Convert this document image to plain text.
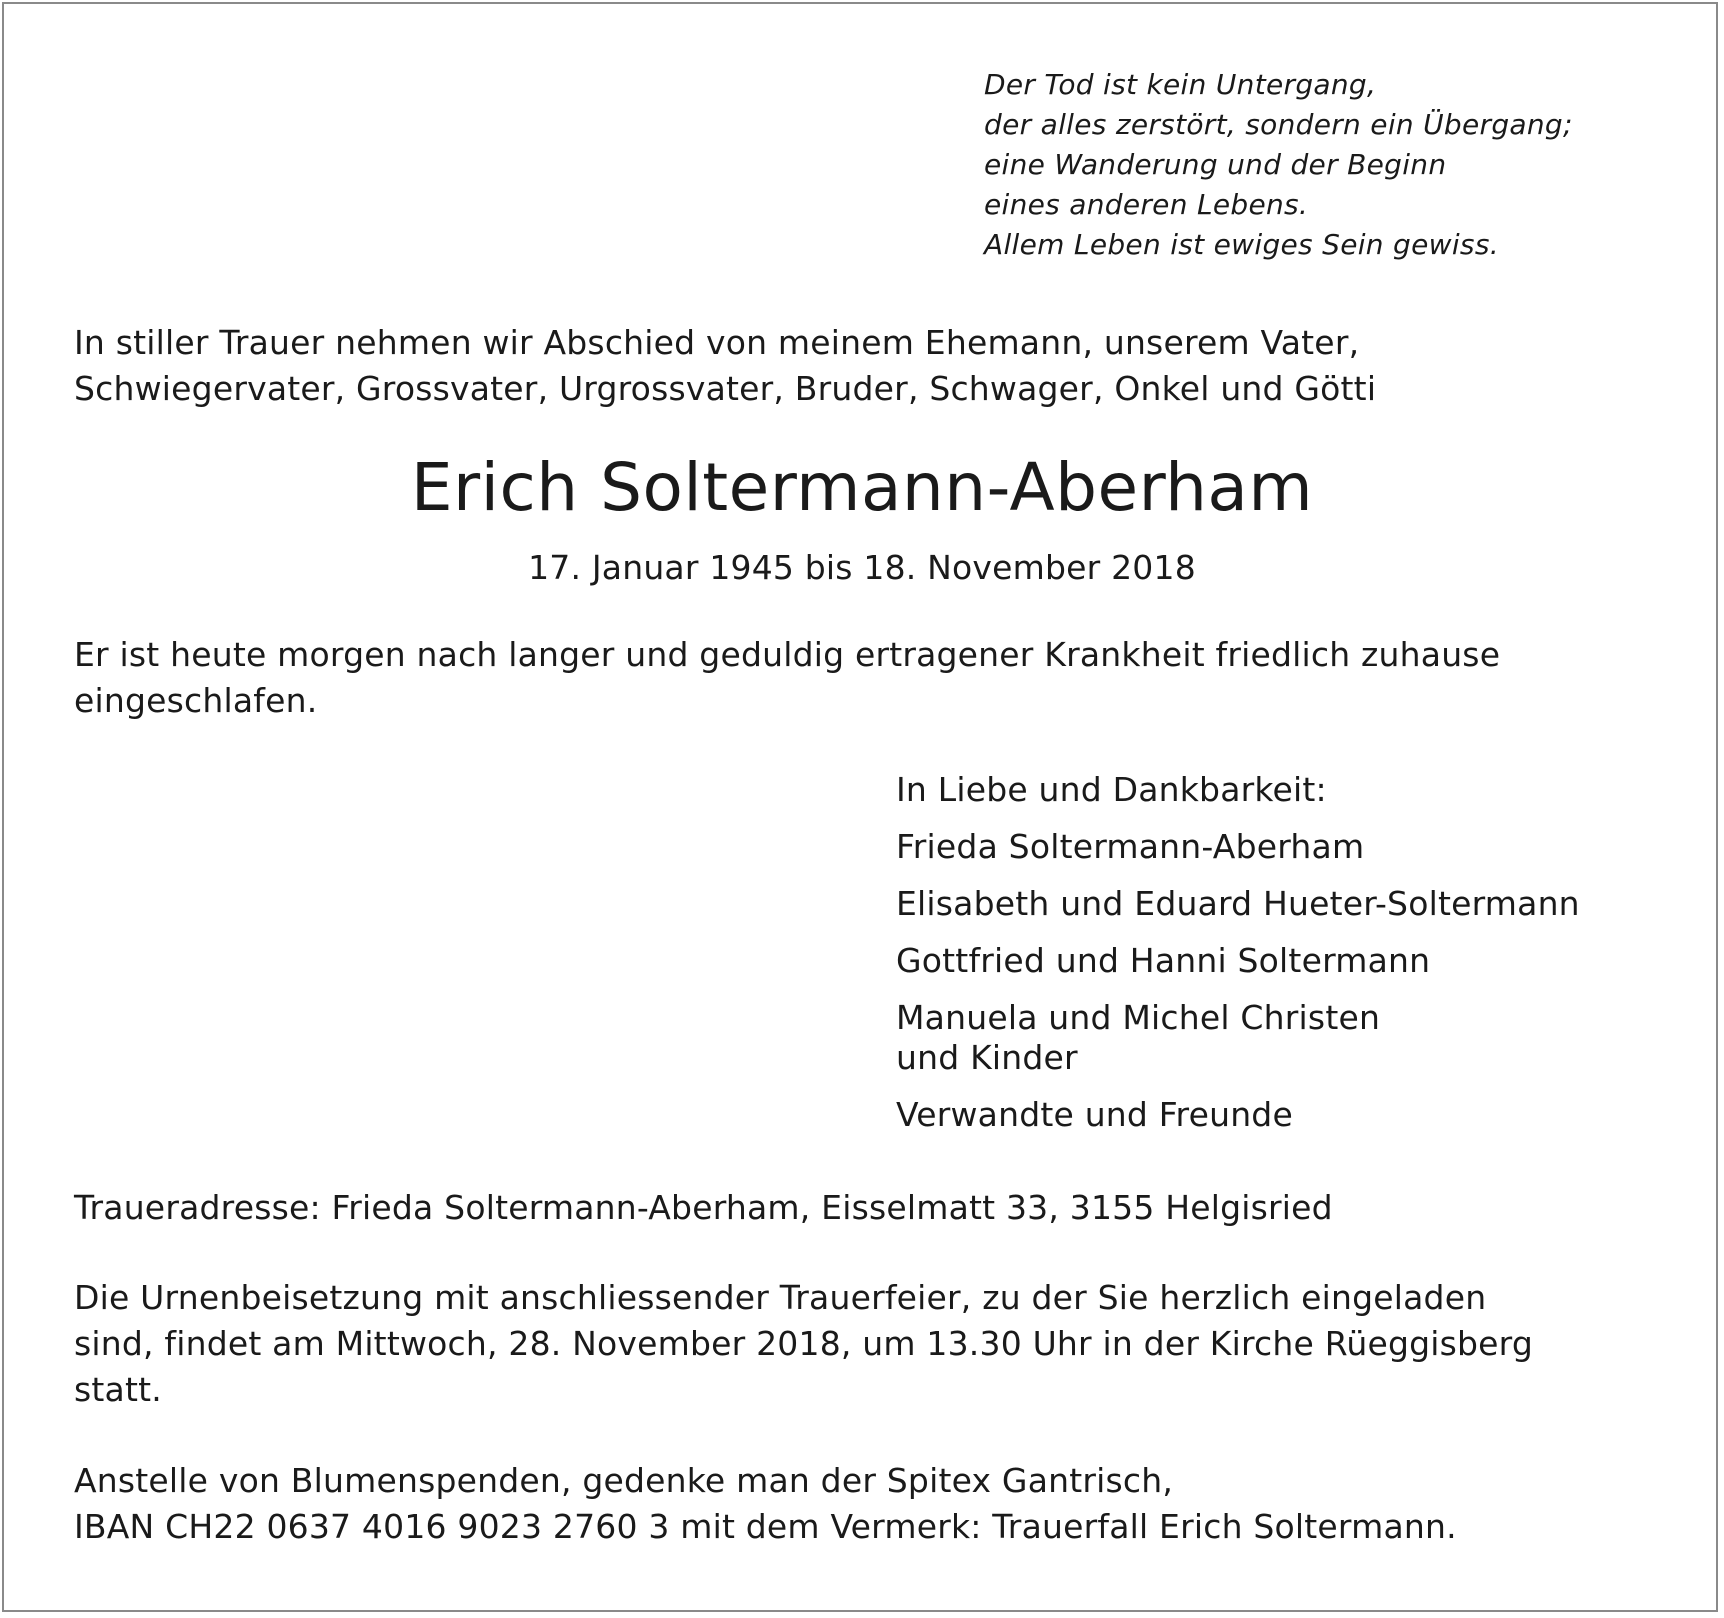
Der Tod ist kein Untergang,
der alles zerstört, sondern ein Übergang;
eine Wanderung und der Beginn
eines anderen Lebens.
Allem Leben ist ewiges Sein gewiss.
In stiller Trauer nehmen wir Abschied von meinem Ehemann, unserem Vater,
Schwiegervater, Grossvater, Urgrossvater, Bruder, Schwager, Onkel und Götti
Erich Soltermann-Aberham
17. Januar 1945 bis 18. November 2018
Er ist heute morgen nach langer und geduldig ertragener Krankheit friedlich zuhause
eingeschlafen.
In Liebe und Dankbarkeit:
Frieda Soltermann-Aberham
Elisabeth und Eduard Hueter-Soltermann
Gottfried und Hanni Soltermann
Manuela und Michel Christen
und Kinder
Verwandte und Freunde
Traueradresse: Frieda Soltermann-Aberham, Eisselmatt 33, 3155 Helgisried
Die Urnenbeisetzung mit anschliessender Trauerfeier, zu der Sie herzlich eingeladen
sind, findet am Mittwoch, 28. November 2018, um 13.30 Uhr in der Kirche Rüeggisberg
statt.
Anstelle von Blumenspenden, gedenke man der Spitex Gantrisch,
IBAN CH22 0637 4016 9023 2760 3 mit dem Vermerk: Trauerfall Erich Soltermann.
